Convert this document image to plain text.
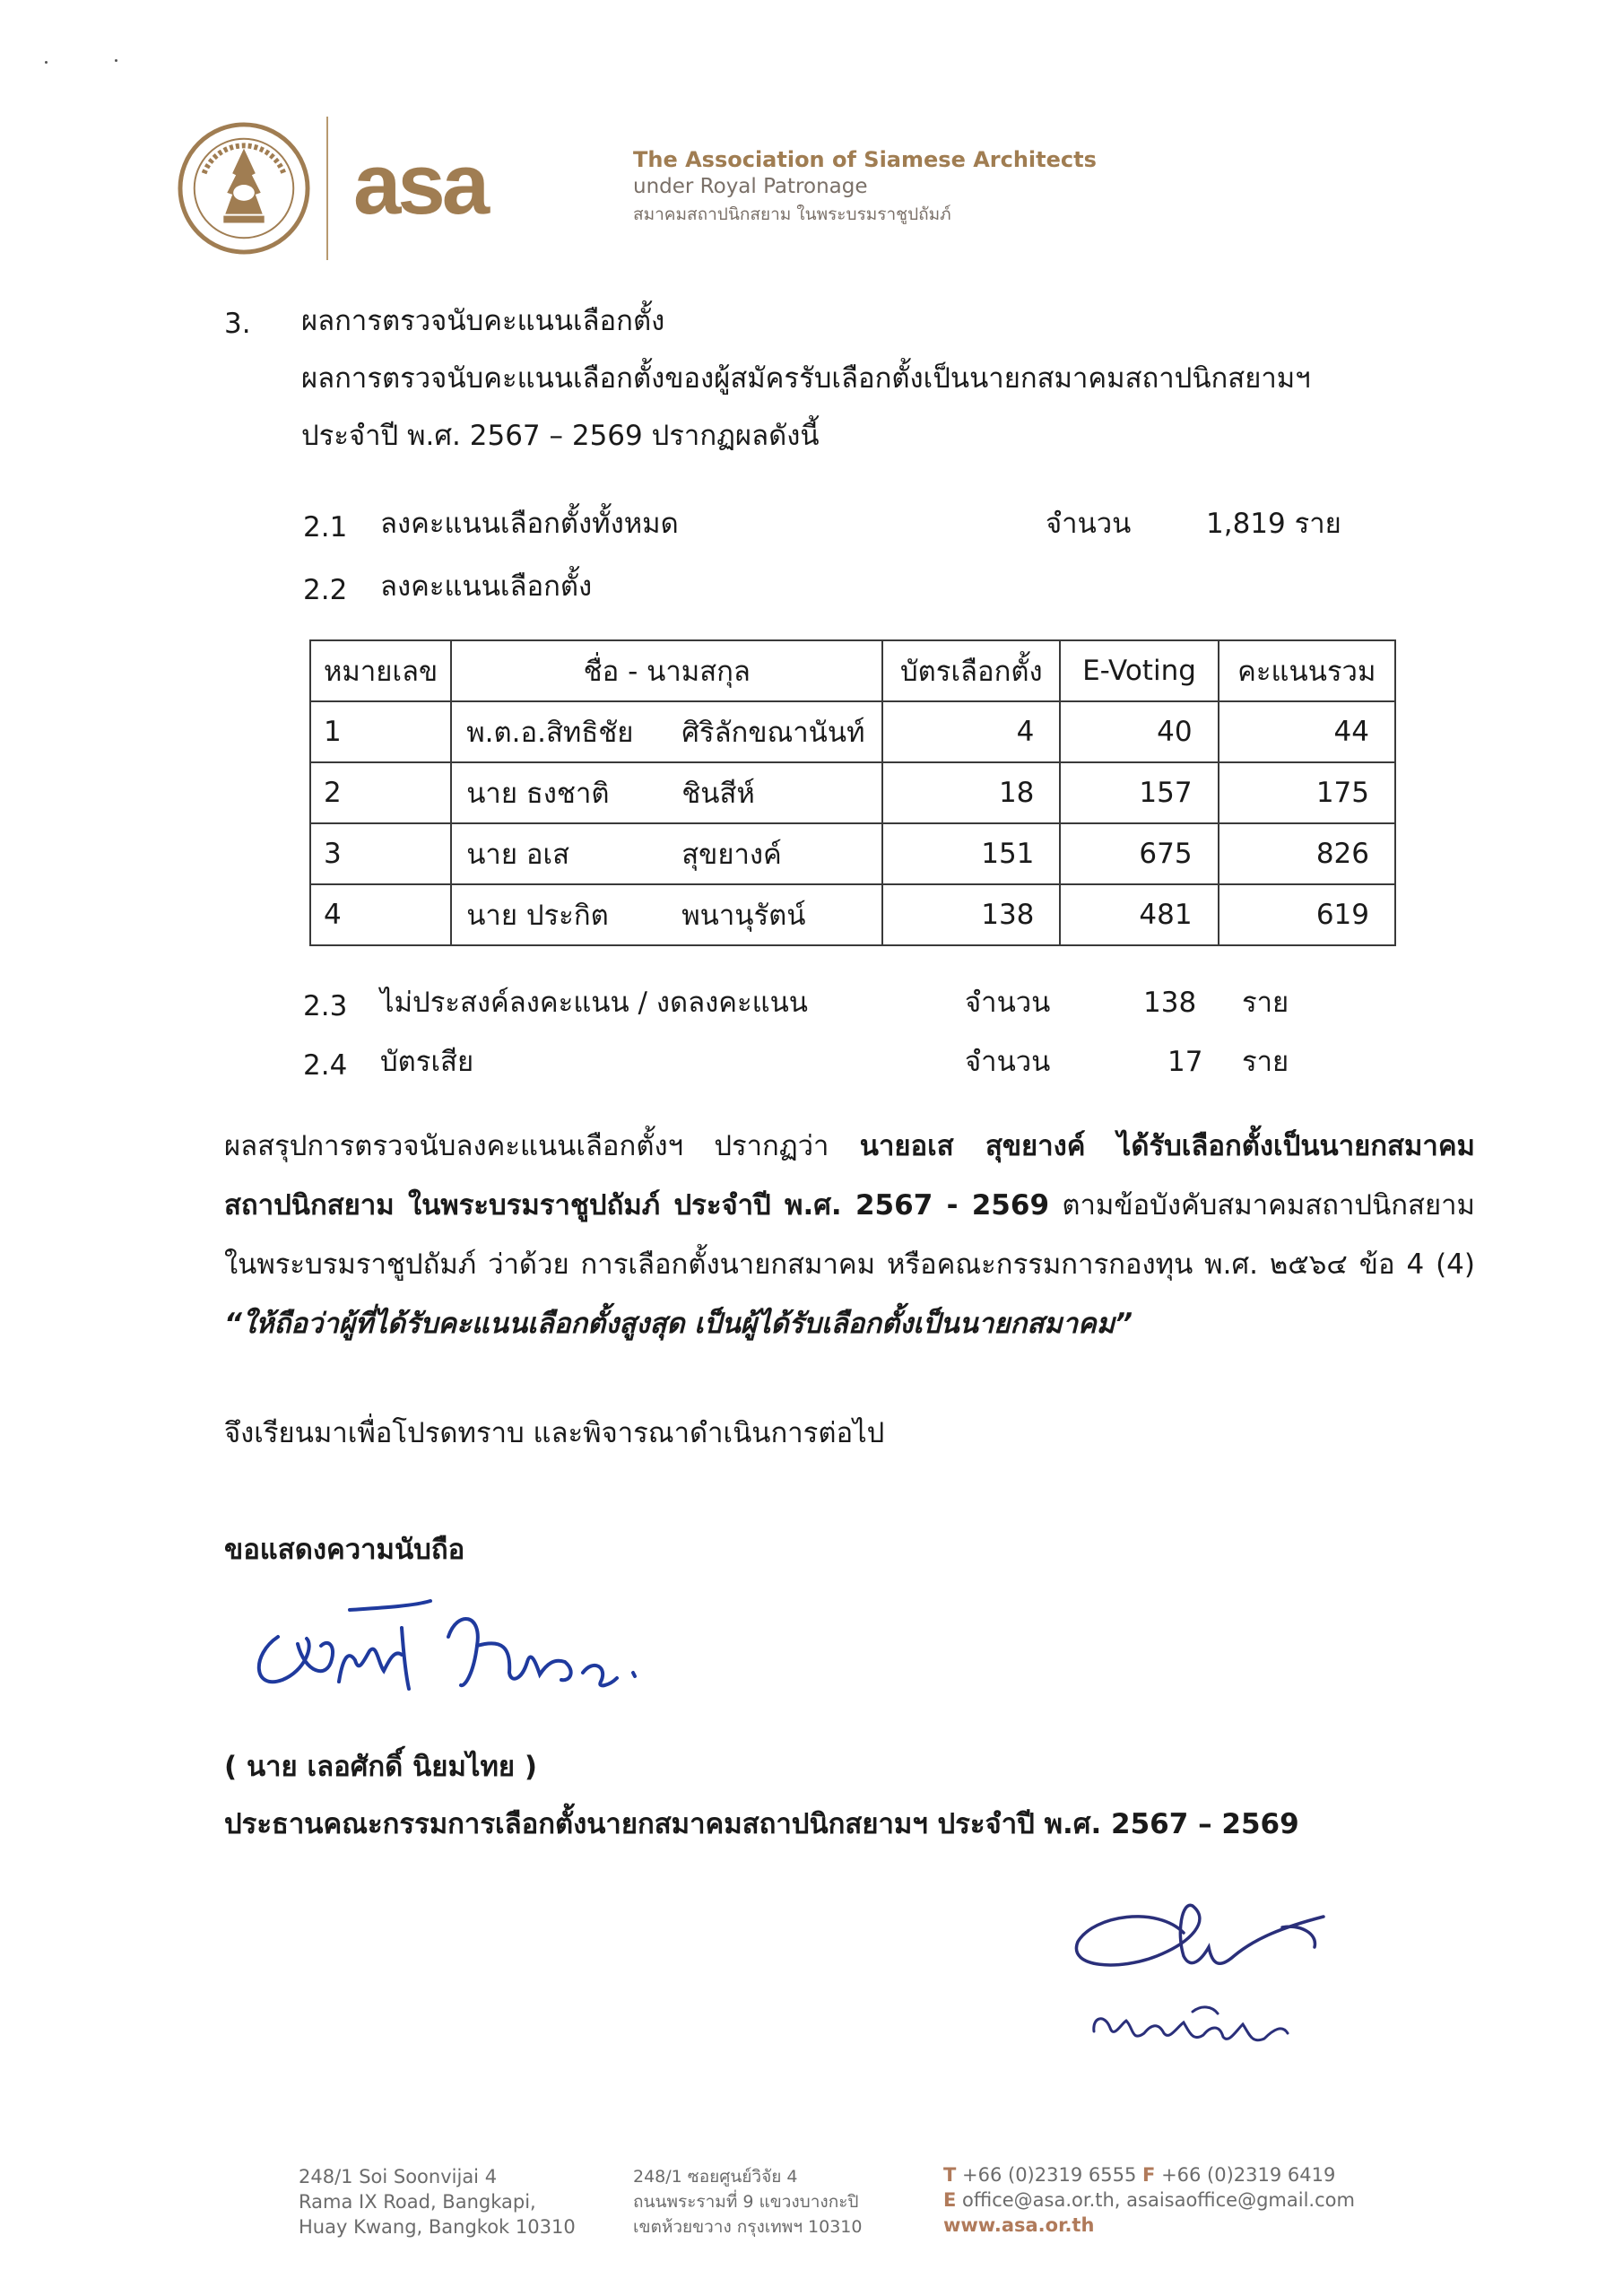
asa	The Association of Siamese Architects
under Royal Patronage
สมาคมสถาปนิกสยาม ในพระบรมราชูปถัมภ์
3. ผลการตรวจนับคะแนนเลือกตั้ง
ผลการตรวจนับคะแนนเลือกตั้งของผู้สมัครรับเลือกตั้งเป็นนายกสมาคมสถาปนิกสยามฯ
ประจำปี พ.ศ. 2567 – 2569 ปรากฏผลดังนี้
2.1 ลงคะแนนเลือกตั้งทั้งหมด	จำนวน	1,819 ราย
2.2 ลงคะแนนเลือกตั้ง
หมายเลข	ชื่อ - นามสกุล	บัตรเลือกตั้ง	E-Voting	คะแนนรวม
1	พ.ต.อ.สิทธิชัย ศิริลักขณานันท์	4	40	44
2	นาย ธงชาติ ชินสีห์	18	157	175
3	นาย อเส สุขยางค์	151	675	826
4	นาย ประกิต พนานุรัตน์	138	481	619
2.3 ไม่ประสงค์ลงคะแนน / งดลงคะแนน	จำนวน	138 ราย
2.4 บัตรเสีย	จำนวน	17 ราย
ผลสรุปการตรวจนับลงคะแนนเลือกตั้งฯ ปรากฏว่า นายอเส สุขยางค์ ได้รับเลือกตั้งเป็นนายกสมาคมสถาปนิกสยาม ในพระบรมราชูปถัมภ์ ประจำปี พ.ศ. 2567 - 2569 ตามข้อบังคับสมาคมสถาปนิกสยาม ในพระบรมราชูปถัมภ์ ว่าด้วย การเลือกตั้งนายกสมาคม หรือคณะกรรมการกองทุน พ.ศ. ๒๕๖๔ ข้อ 4 (4) “ให้ถือว่าผู้ที่ได้รับคะแนนเลือกตั้งสูงสุด เป็นผู้ได้รับเลือกตั้งเป็นนายกสมาคม”
จึงเรียนมาเพื่อโปรดทราบ และพิจารณาดำเนินการต่อไป
ขอแสดงความนับถือ
( นาย เลอศักดิ์ นิยมไทย )
ประธานคณะกรรมการเลือกตั้งนายกสมาคมสถาปนิกสยามฯ ประจำปี พ.ศ. 2567 – 2569
248/1 Soi Soonvijai 4
Rama IX Road, Bangkapi,
Huay Kwang, Bangkok 10310
248/1 ซอยศูนย์วิจัย 4
ถนนพระรามที่ 9 แขวงบางกะปิ
เขตห้วยขวาง กรุงเทพฯ 10310
T +66 (0)2319 6555 F +66 (0)2319 6419
E office@asa.or.th, asaisaoffice@gmail.com
www.asa.or.th
